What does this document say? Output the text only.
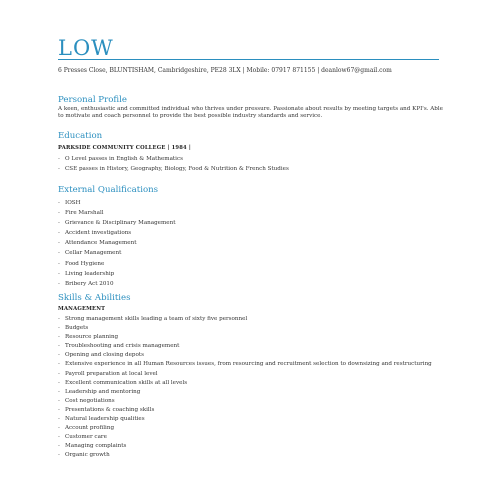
LOW
6 Presses Close, BLUNTISHAM, Cambridgeshire, PE28 3LX | Mobile: 07917 871155 | deanlow67@gmail.com
Personal Profile
A keen, enthusiastic and committed individual who thrives under pressure. Passionate about results by meeting targets and KPI's. Able to motivate and coach personnel to provide the best possible industry standards and service.
Education
PARKSIDE COMMUNITY COLLEGE | 1984 |
- O Level passes in English & Mathematics
- CSE passes in History, Geography, Biology, Food & Nutrition & French Studies
External Qualifications
- IOSH
- Fire Marshall
- Grievance & Disciplinary Management
- Accident investigations
- Attendance Management
- Cellar Management
- Food Hygiene
- Living leadership
- Bribery Act 2010
Skills & Abilities
MANAGEMENT
- Strong management skills leading a team of sixty five personnel
- Budgets
- Resource planning
- Troubleshooting and crisis management
- Opening and closing depots
- Extensive experience in all Human Resources issues, from resourcing and recruitment selection to downsizing and restructuring
- Payroll preparation at local level
- Excellent communication skills at all levels
- Leadership and mentoring
- Cost negotiations
- Presentations & coaching skills
- Natural leadership qualities
- Account profiling
- Customer care
- Managing complaints
- Organic growth
